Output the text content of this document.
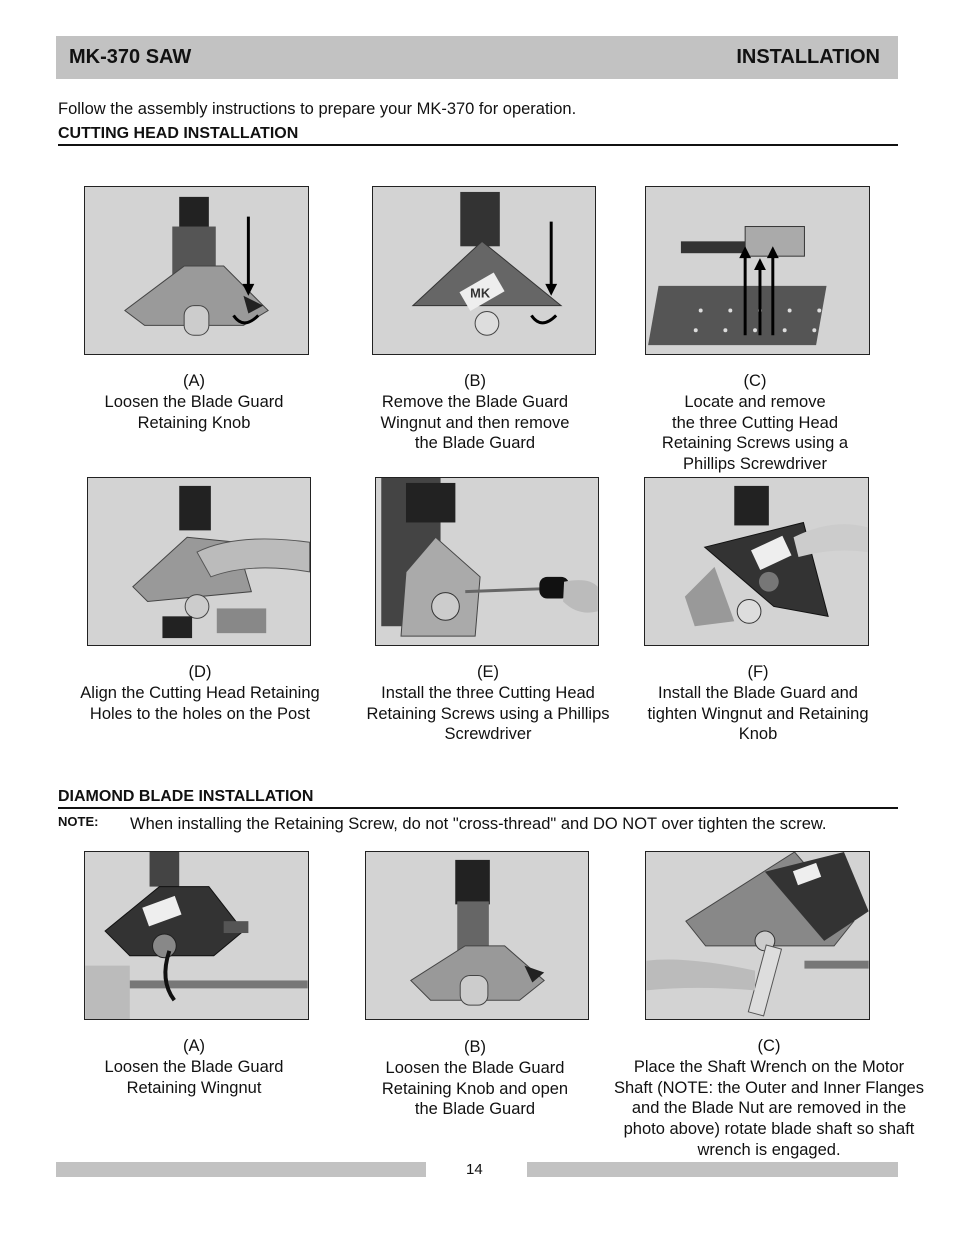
MK-370 SAW	INSTALLATION
Follow the assembly instructions to prepare your MK-370 for operation.
CUTTING HEAD INSTALLATION
MK
(A)
Loosen the Blade Guard
Retaining Knob
(B)
Remove the Blade Guard
Wingnut and then remove
the Blade Guard
(C)
Locate and remove
the three Cutting Head
Retaining Screws using a
Phillips Screwdriver
(D)
Align the Cutting Head Retaining
Holes to the holes on the Post
(E)
Install the three Cutting Head
Retaining Screws using a Phillips
Screwdriver
(F)
Install the Blade Guard and
tighten Wingnut and Retaining
Knob
DIAMOND BLADE INSTALLATION
NOTE: When installing the Retaining Screw, do not "cross-thread" and DO NOT over tighten the screw.
(A)
Loosen the Blade Guard
Retaining Wingnut
(B)
Loosen the Blade Guard
Retaining Knob and open
the Blade Guard
(C)
Place the Shaft Wrench on the Motor
Shaft (NOTE: the Outer and Inner Flanges
and the Blade Nut are removed in the
photo above) rotate blade shaft so shaft
wrench is engaged.
14
